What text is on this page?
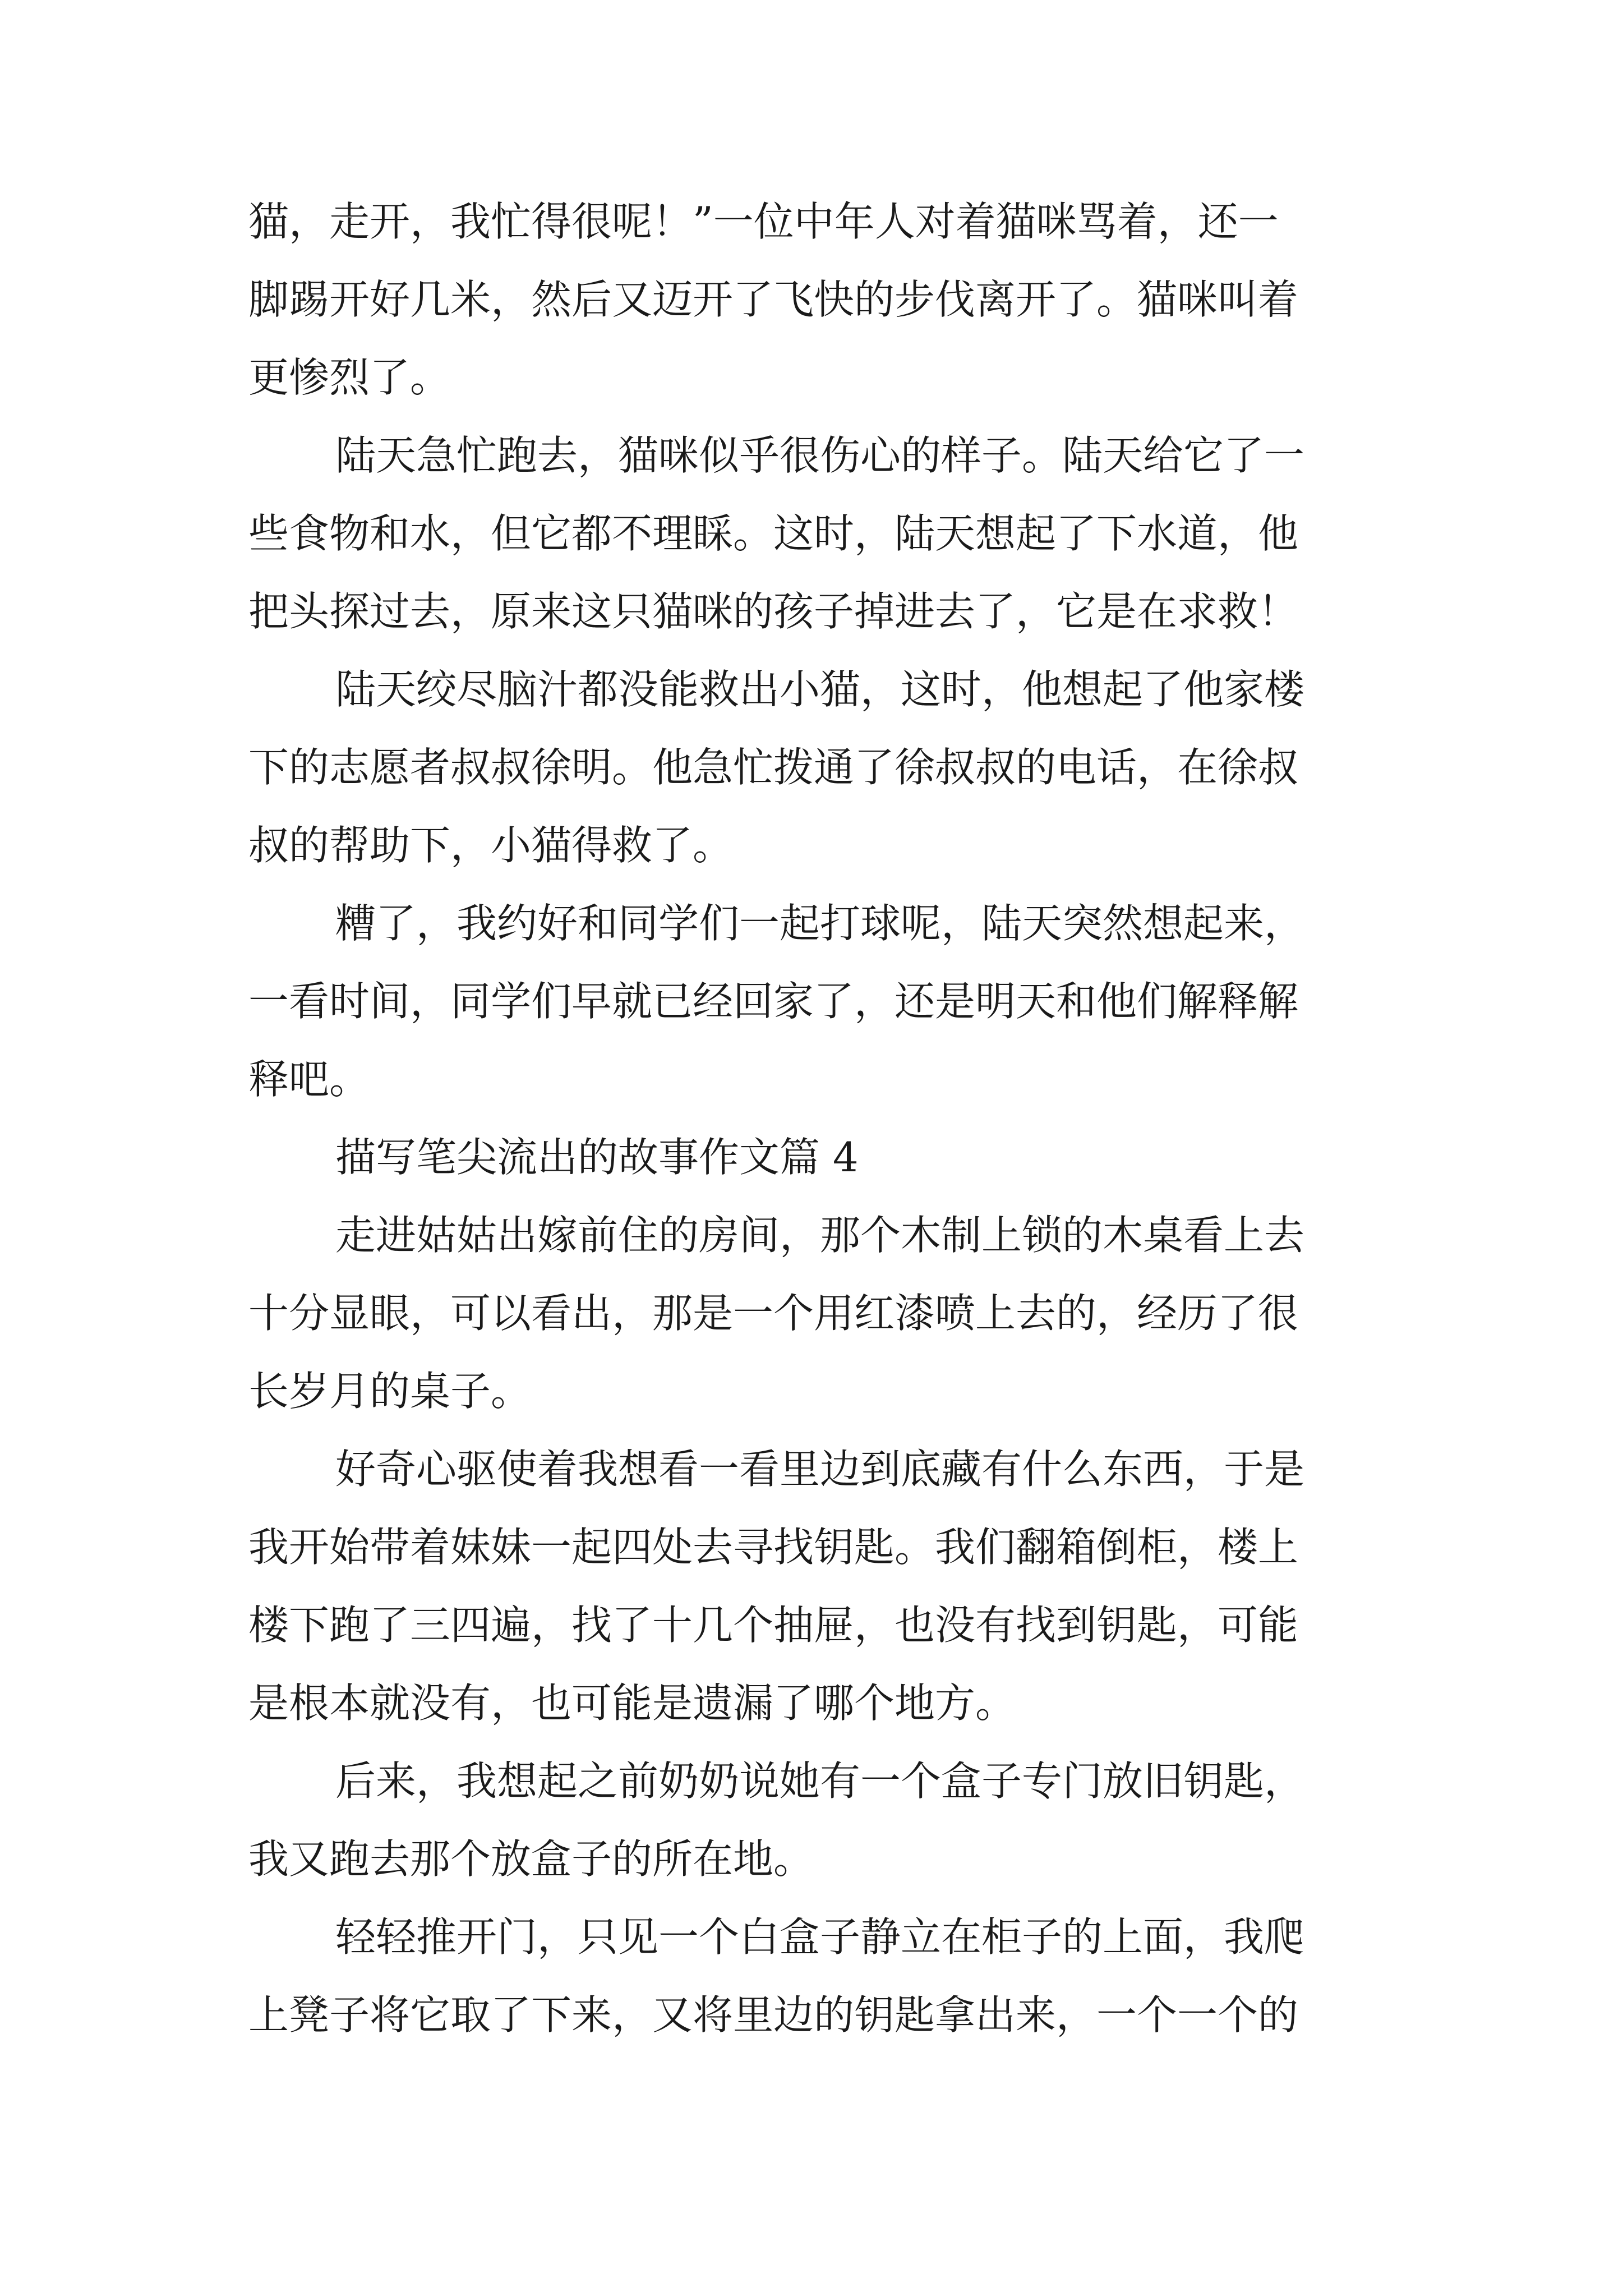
猫，走开，我忙得很呢！”一位中年人对着猫咪骂着，还一
脚踢开好几米，然后又迈开了飞快的步伐离开了。猫咪叫着
更惨烈了。
陆天急忙跑去，猫咪似乎很伤心的样子。陆天给它了一
些食物和水，但它都不理睬。这时，陆天想起了下水道，他
把头探过去，原来这只猫咪的孩子掉进去了，它是在求救！
陆天绞尽脑汁都没能救出小猫，这时，他想起了他家楼
下的志愿者叔叔徐明。他急忙拨通了徐叔叔的电话，在徐叔
叔的帮助下，小猫得救了。
糟了，我约好和同学们一起打球呢，陆天突然想起来，
一看时间，同学们早就已经回家了，还是明天和他们解释解
释吧。
描写笔尖流出的故事作文篇 4
走进姑姑出嫁前住的房间，那个木制上锁的木桌看上去
十分显眼，可以看出，那是一个用红漆喷上去的，经历了很
长岁月的桌子。
好奇心驱使着我想看一看里边到底藏有什么东西，于是
我开始带着妹妹一起四处去寻找钥匙。我们翻箱倒柜，楼上
楼下跑了三四遍，找了十几个抽屉，也没有找到钥匙，可能
是根本就没有，也可能是遗漏了哪个地方。
后来，我想起之前奶奶说她有一个盒子专门放旧钥匙，
我又跑去那个放盒子的所在地。
轻轻推开门，只见一个白盒子静立在柜子的上面，我爬
上凳子将它取了下来，又将里边的钥匙拿出来，一个一个的
